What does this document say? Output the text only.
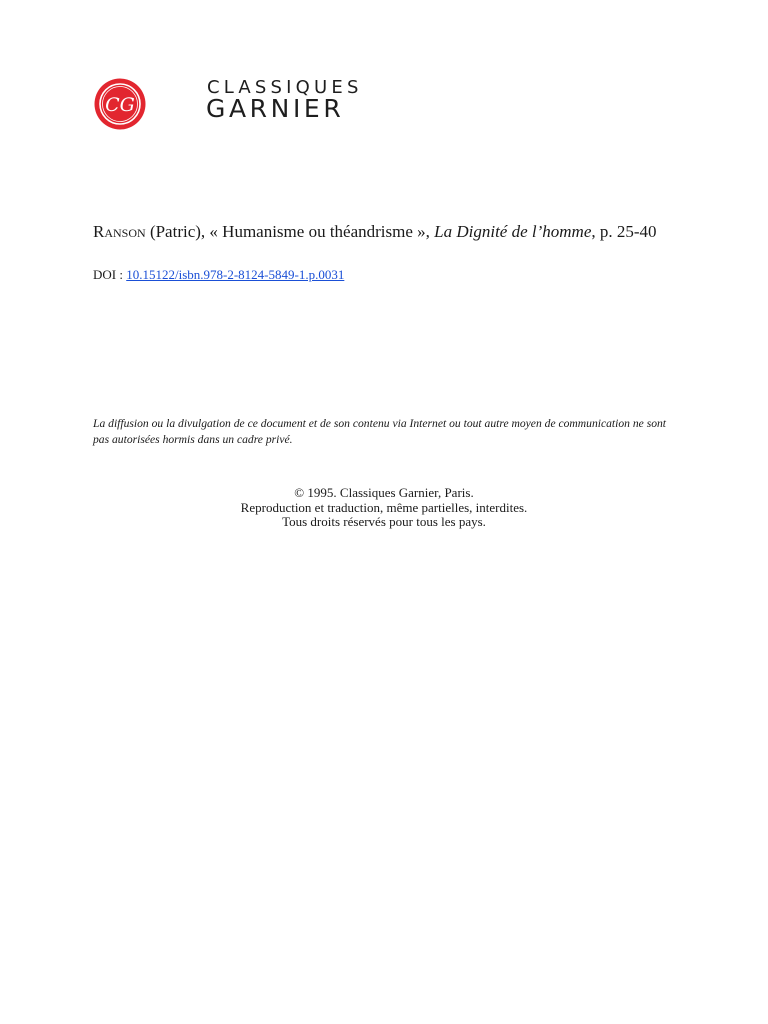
CG
CLASSIQUES
GARNIER
Ranson (Patric), « Humanisme ou théandrisme », La Dignité de l’homme, p. 25-40
DOI : 10.15122/isbn.978-2-8124-5849-1.p.0031
La diffusion ou la divulgation de ce document et de son contenu via Internet ou tout autre moyen de communication ne sont pas autorisées hormis dans un cadre privé.
© 1995. Classiques Garnier, Paris.
Reproduction et traduction, même partielles, interdites.
Tous droits réservés pour tous les pays.
